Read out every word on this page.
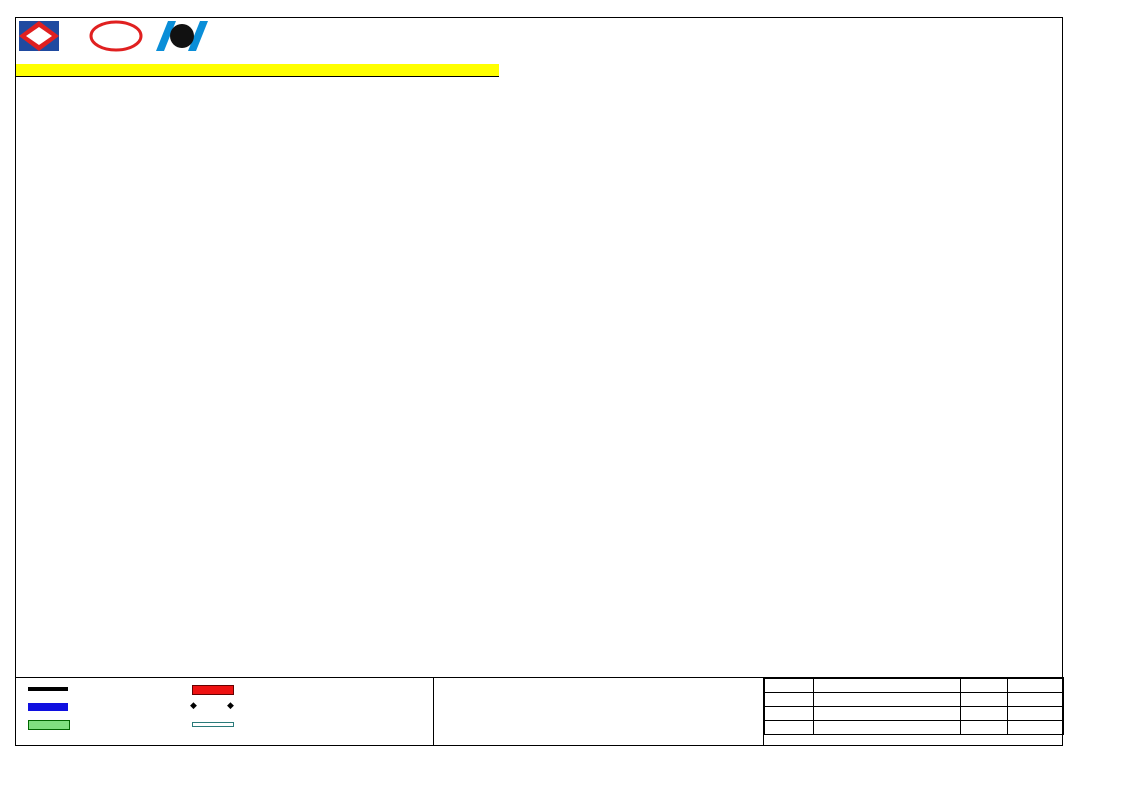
◆	◆
